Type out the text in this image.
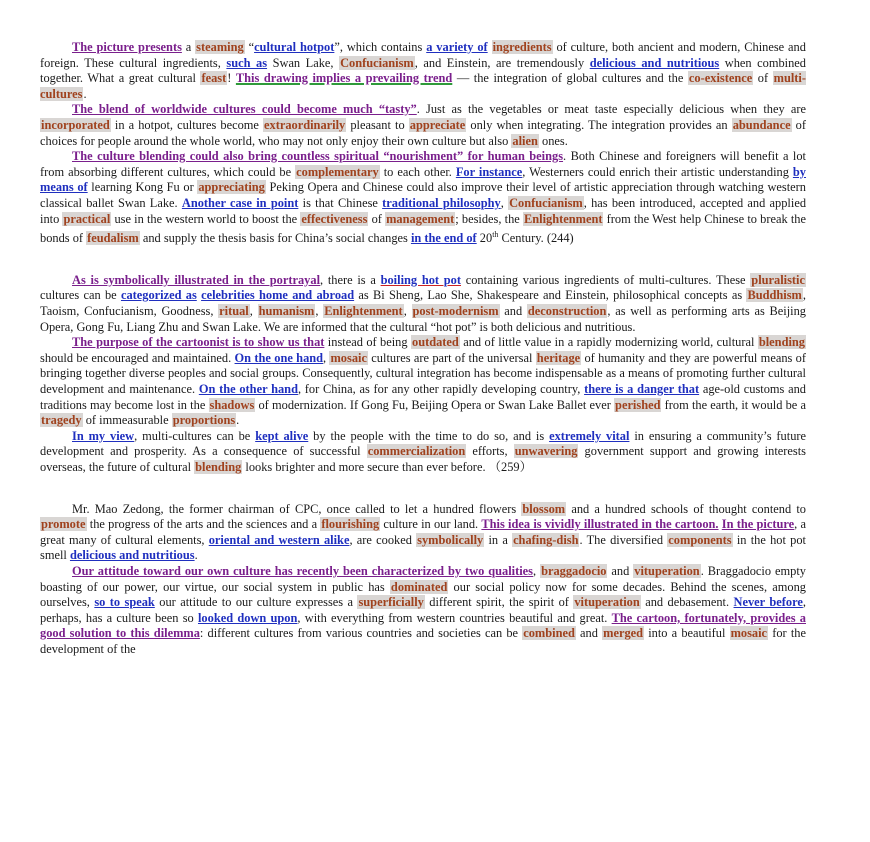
The picture presents a steaming “cultural hotpot”, which contains a variety of ingredients of culture, both ancient and modern, Chinese and foreign. These cultural ingredients, such as Swan Lake, Confucianism, and Einstein, are tremendously delicious and nutritious when combined together. What a great cultural feast! This drawing implies a prevailing trend — the integration of global cultures and the co-existence of multi-cultures.

The blend of worldwide cultures could become much “tasty”. Just as the vegetables or meat taste especially delicious when they are incorporated in a hotpot, cultures become extraordinarily pleasant to appreciate only when integrating. The integration provides an abundance of choices for people around the whole world, who may not only enjoy their own culture but also alien ones.

The culture blending could also bring countless spiritual “nourishment” for human beings. Both Chinese and foreigners will benefit a lot from absorbing different cultures, which could be complementary to each other. For instance, Westerners could enrich their artistic understanding by means of learning Kong Fu or appreciating Peking Opera and Chinese could also improve their level of artistic appreciation through watching western classical ballet Swan Lake. Another case in point is that Chinese traditional philosophy, Confucianism, has been introduced, accepted and applied into practical use in the western world to boost the effectiveness of management; besides, the Enlightenment from the West help Chinese to break the bonds of feudalism and supply the thesis basis for China’s social changes in the end of 20th Century. (244)

As is symbolically illustrated in the portrayal, there is a boiling hot pot containing various ingredients of multi-cultures. These pluralistic cultures can be categorized as celebrities home and abroad as Bi Sheng, Lao She, Shakespeare and Einstein, philosophical concepts as Buddhism, Taoism, Confucianism, Goodness, ritual, humanism, Enlightenment, post-modernism and deconstruction, as well as performing arts as Beijing Opera, Gong Fu, Liang Zhu and Swan Lake. We are informed that the cultural “hot pot” is both delicious and nutritious.

The purpose of the cartoonist is to show us that instead of being outdated and of little value in a rapidly modernizing world, cultural blending should be encouraged and maintained. On the one hand, mosaic cultures are part of the universal heritage of humanity and they are powerful means of bringing together diverse peoples and social groups. Consequently, cultural integration has become indispensable as a means of promoting further cultural development and maintenance. On the other hand, for China, as for any other rapidly developing country, there is a danger that age-old customs and traditions may become lost in the shadows of modernization. If Gong Fu, Beijing Opera or Swan Lake Ballet ever perished from the earth, it would be a tragedy of immeasurable proportions.

In my view, multi-cultures can be kept alive by the people with the time to do so, and is extremely vital in ensuring a community’s future development and prosperity. As a consequence of successful commercialization efforts, unwavering government support and growing interests overseas, the future of cultural blending looks brighter and more secure than ever before. （259）

Mr. Mao Zedong, the former chairman of CPC, once called to let a hundred flowers blossom and a hundred schools of thought contend to promote the progress of the arts and the sciences and a flourishing culture in our land. This idea is vividly illustrated in the cartoon. In the picture, a great many of cultural elements, oriental and western alike, are cooked symbolically in a chafing-dish. The diversified components in the hot pot smell delicious and nutritious.

Our attitude toward our own culture has recently been characterized by two qualities, braggadocio and vituperation. Braggadocio empty boasting of our power, our virtue, our social system in public has dominated our social policy now for some decades. Behind the scenes, among ourselves, so to speak our attitude to our culture expresses a superficially different spirit, the spirit of vituperation and debasement. Never before, perhaps, has a culture been so looked down upon, with everything from western countries beautiful and great. The cartoon, fortunately, provides a good solution to this dilemma: different cultures from various countries and societies can be combined and merged into a beautiful mosaic for the development of the
